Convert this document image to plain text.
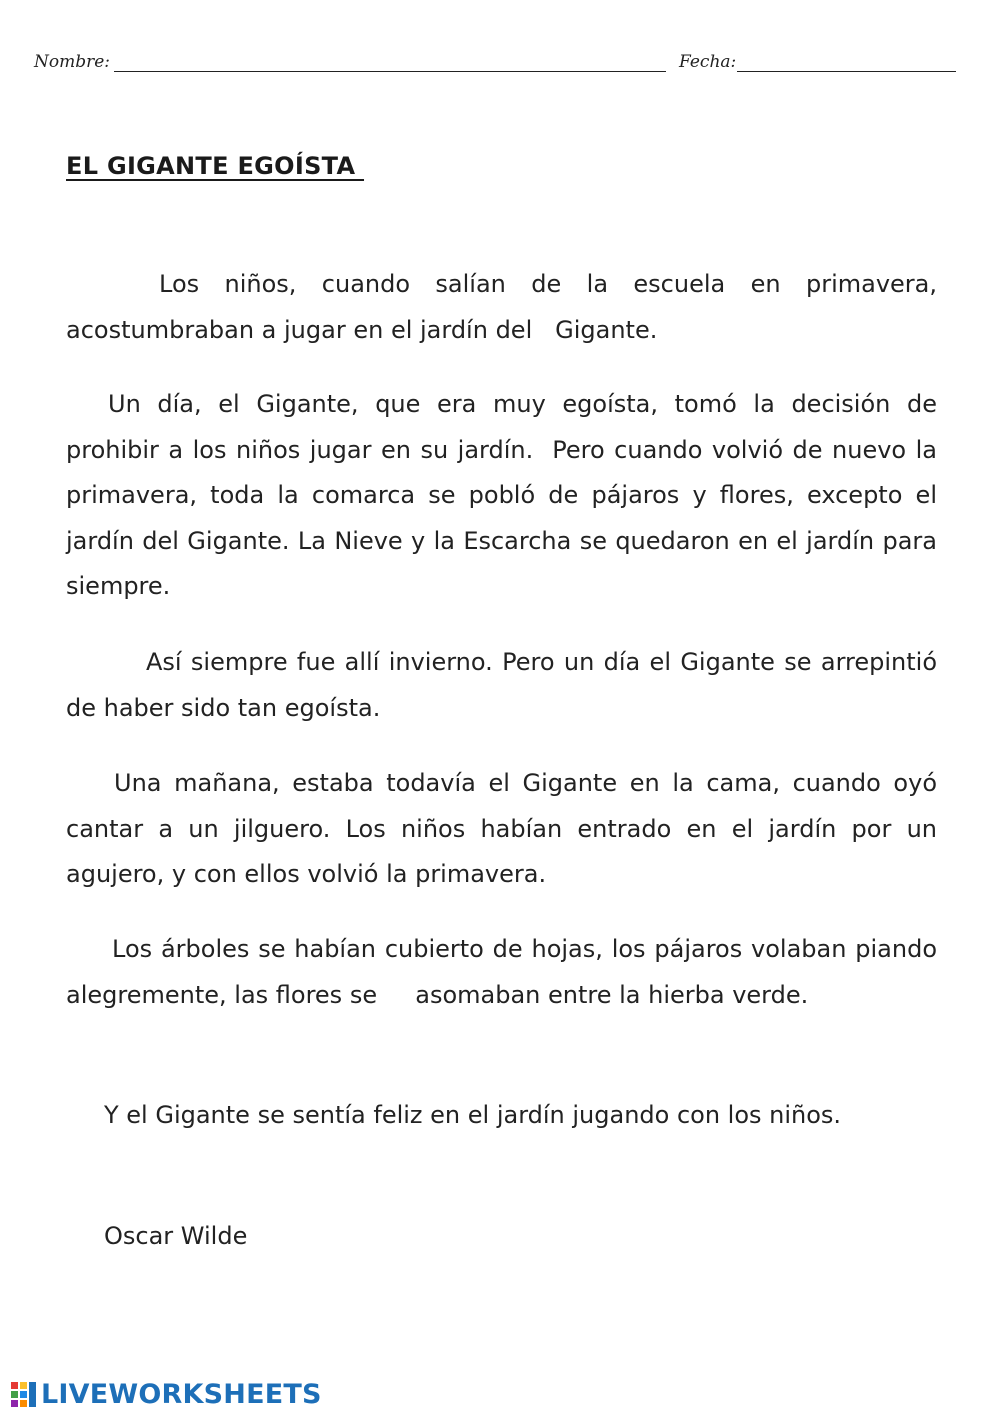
Nombre:	Fecha:
EL GIGANTE EGOÍSTA

Los niños, cuando salían de la escuela en primavera, acostumbraban a jugar en el jardín del   Gigante.

Un día, el Gigante, que era muy egoísta, tomó la decisión de prohibir a los niños jugar en su jardín.  Pero cuando volvió de nuevo la primavera, toda la comarca se pobló de pájaros y flores, excepto el jardín del Gigante. La Nieve y la Escarcha se quedaron en el jardín para siempre.

Así siempre fue allí invierno. Pero un día el Gigante se arrepintió de haber sido tan egoísta.

Una mañana, estaba todavía el Gigante en la cama, cuando oyó cantar a un jilguero. Los niños habían entrado en el jardín por un agujero, y con ellos volvió la primavera.

Los árboles se habían cubierto de hojas, los pájaros volaban piando alegremente, las flores se     asomaban entre la hierba verde.

Y el Gigante se sentía feliz en el jardín jugando con los niños.

Oscar Wilde

LIVEWORKSHEETS
